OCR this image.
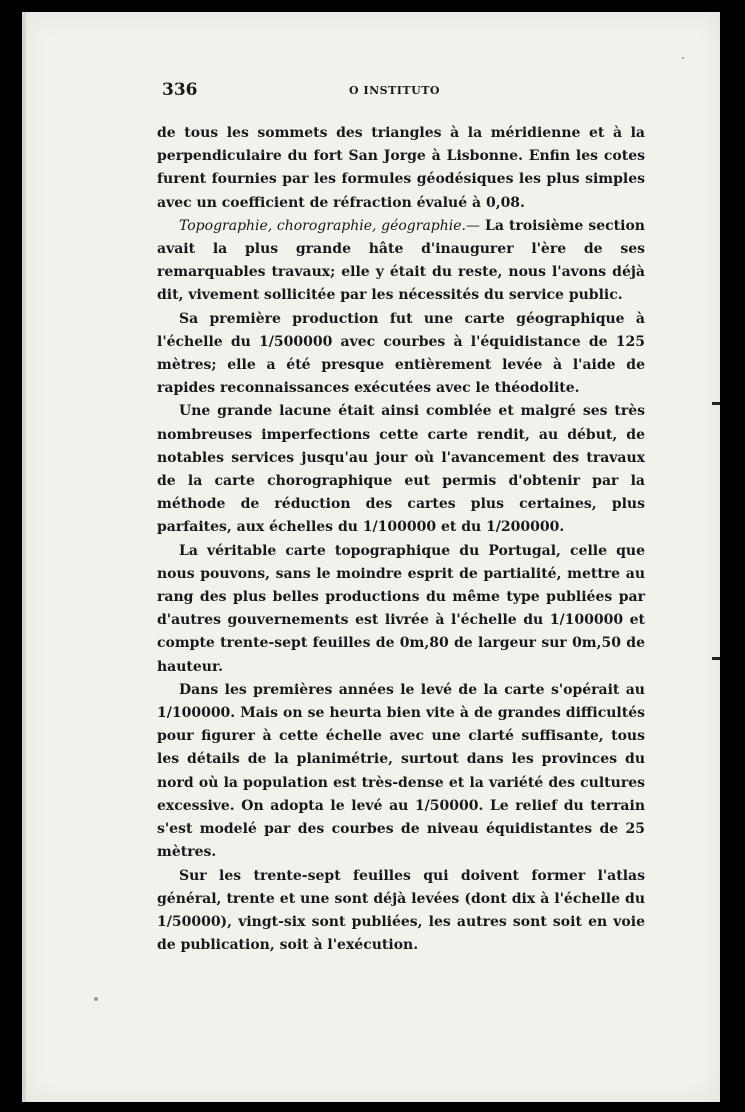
336	O INSTITUTO

de tous les sommets des triangles à la méridienne et à la perpendiculaire du fort San Jorge à Lisbonne. Enfin les cotes furent fournies par les formules géodésiques les plus simples avec un coefficient de réfraction évalué à 0,08.

Topographie, chorographie, géographie.— La troisième section avait la plus grande hâte d'inaugurer l'ère de ses remarquables travaux; elle y était du reste, nous l'avons déjà dit, vivement sollicitée par les nécessités du service public.

Sa première production fut une carte géographique à l'échelle du 1/500000 avec courbes à l'équidistance de 125 mètres; elle a été presque entièrement levée à l'aide de rapides reconnaissances exécutées avec le théodolite.

Une grande lacune était ainsi comblée et malgré ses très nombreuses imperfections cette carte rendit, au début, de notables services jusqu'au jour où l'avancement des travaux de la carte chorographique eut permis d'obtenir par la méthode de réduction des cartes plus certaines, plus parfaites, aux échelles du 1/100000 et du 1/200000.

La véritable carte topographique du Portugal, celle que nous pouvons, sans le moindre esprit de partialité, mettre au rang des plus belles productions du même type publiées par d'autres gouvernements est livrée à l'échelle du 1/100000 et compte trente-sept feuilles de 0m,80 de largeur sur 0m,50 de hauteur.

Dans les premières années le levé de la carte s'opérait au 1/100000. Mais on se heurta bien vite à de grandes difficultés pour figurer à cette échelle avec une clarté suffisante, tous les détails de la planimétrie, surtout dans les provinces du nord où la population est très-dense et la variété des cultures excessive. On adopta le levé au 1/50000. Le relief du terrain s'est modelé par des courbes de niveau équidistantes de 25 mètres.

Sur les trente-sept feuilles qui doivent former l'atlas général, trente et une sont déjà levées (dont dix à l'échelle du 1/50000), vingt-six sont publiées, les autres sont soit en voie de publication, soit à l'exécution.
